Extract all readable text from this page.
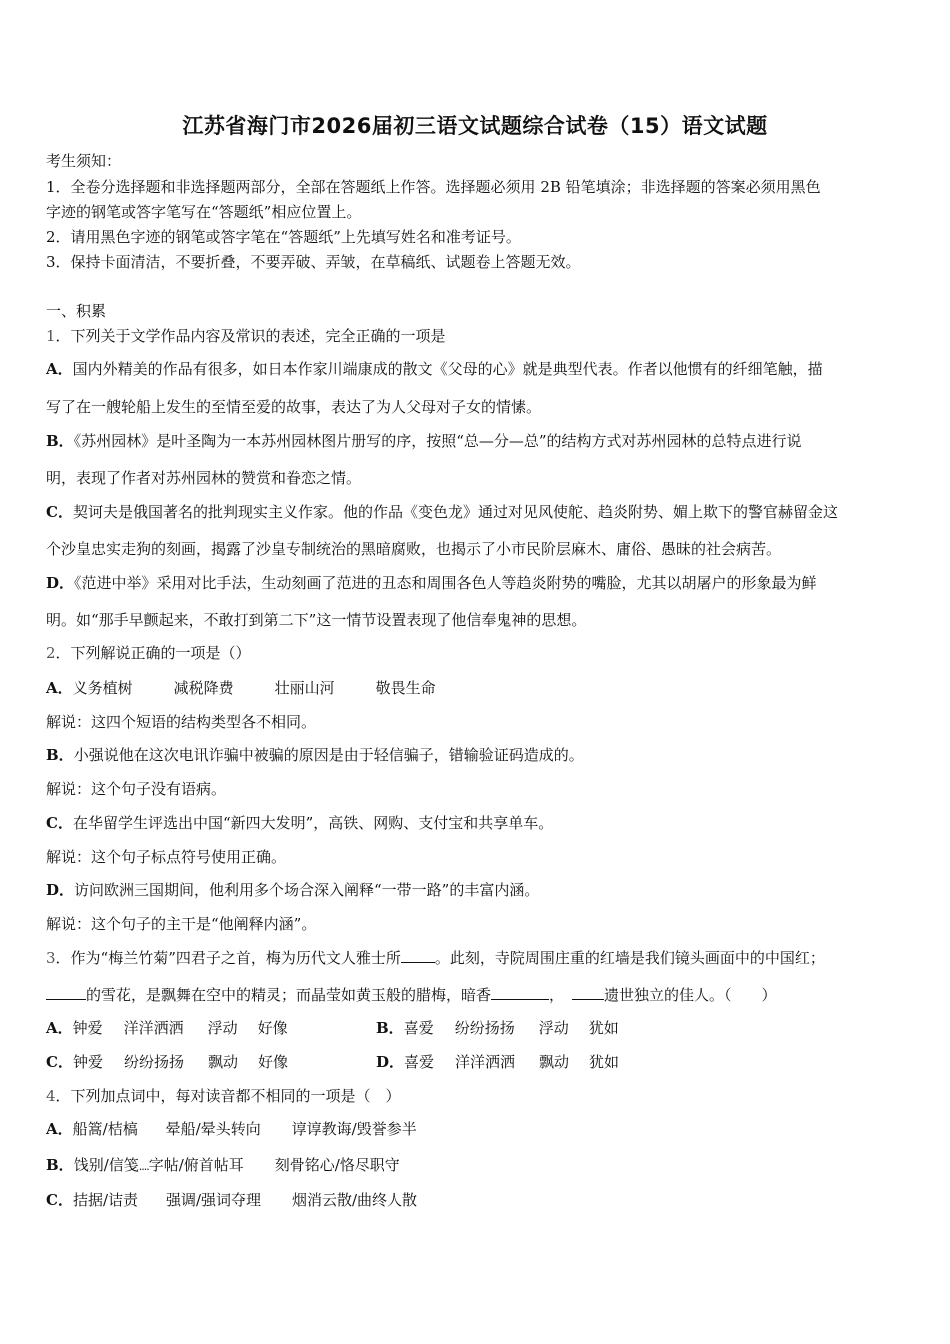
江苏省海门市2026届初三语文试题综合试卷（15）语文试题
考生须知：
1．全卷分选择题和非选择题两部分，全部在答题纸上作答。选择题必须用 2B 铅笔填涂；非选择题的答案必须用黑色
字迹的钢笔或答字笔写在“答题纸”相应位置上。
2．请用黑色字迹的钢笔或答字笔在“答题纸”上先填写姓名和准考证号。
3．保持卡面清洁，不要折叠，不要弄破、弄皱，在草稿纸、试题卷上答题无效。
一、积累
1．下列关于文学作品内容及常识的表述，完全正确的一项是
A．国内外精美的作品有很多，如日本作家川端康成的散文《父母的心》就是典型代表。作者以他惯有的纤细笔触，描
写了在一艘轮船上发生的至情至爱的故事，表达了为人父母对子女的情愫。
B．《苏州园林》是叶圣陶为一本苏州园林图片册写的序，按照“总—分—总”的结构方式对苏州园林的总特点进行说
明，表现了作者对苏州园林的赞赏和眷恋之情。
C．契诃夫是俄国著名的批判现实主义作家。他的作品《变色龙》通过对见风使舵、趋炎附势、媚上欺下的警官赫留金这
个沙皇忠实走狗的刻画，揭露了沙皇专制统治的黑暗腐败，也揭示了小市民阶层麻木、庸俗、愚昧的社会病苦。
D．《范进中举》采用对比手法，生动刻画了范进的丑态和周围各色人等趋炎附势的嘴脸，尤其以胡屠户的形象最为鲜
明。如“那手早颤起来，不敢打到第二下”这一情节设置表现了他信奉鬼神的思想。
2．下列解说正确的一项是（）
A．义务植树	减税降费	壮丽山河	敬畏生命
解说：这四个短语的结构类型各不相同。
B．小强说他在这次电讯诈骗中被骗的原因是由于轻信骗子，错输验证码造成的。
解说：这个句子没有语病。
C．在华留学生评选出中国“新四大发明”，高铁、网购、支付宝和共享单车。
解说：这个句子标点符号使用正确。
D．访问欧洲三国期间，他利用多个场合深入阐释“一带一路”的丰富内涵。
解说：这个句子的主干是“他阐释内涵”。
3．作为“梅兰竹菊”四君子之首，梅为历代文人雅士所 。此刻，寺院周围庄重的红墙是我们镜头画面中的中国红；
的雪花，是飘舞在空中的精灵；而晶莹如黄玉般的腊梅，暗香	，	遗世独立的佳人。（　　）
A．钟爱 洋洋洒洒 浮动 好像	B．喜爱 纷纷扬扬 浮动 犹如
C．钟爱 纷纷扬扬 飘动 好像	D．喜爱 洋洋洒洒 飘动 犹如
4．下列加点词中，每对读音都不相同的一项是（　）
A．船篙/桔槁 晕船/晕头转向 谆谆教诲/毁誉参半
B．饯别/信笺....字帖/俯首帖耳 刻骨铭心/恪尽职守
C．拮据/诘责 强调/强词夺理 烟消云散/曲终人散
